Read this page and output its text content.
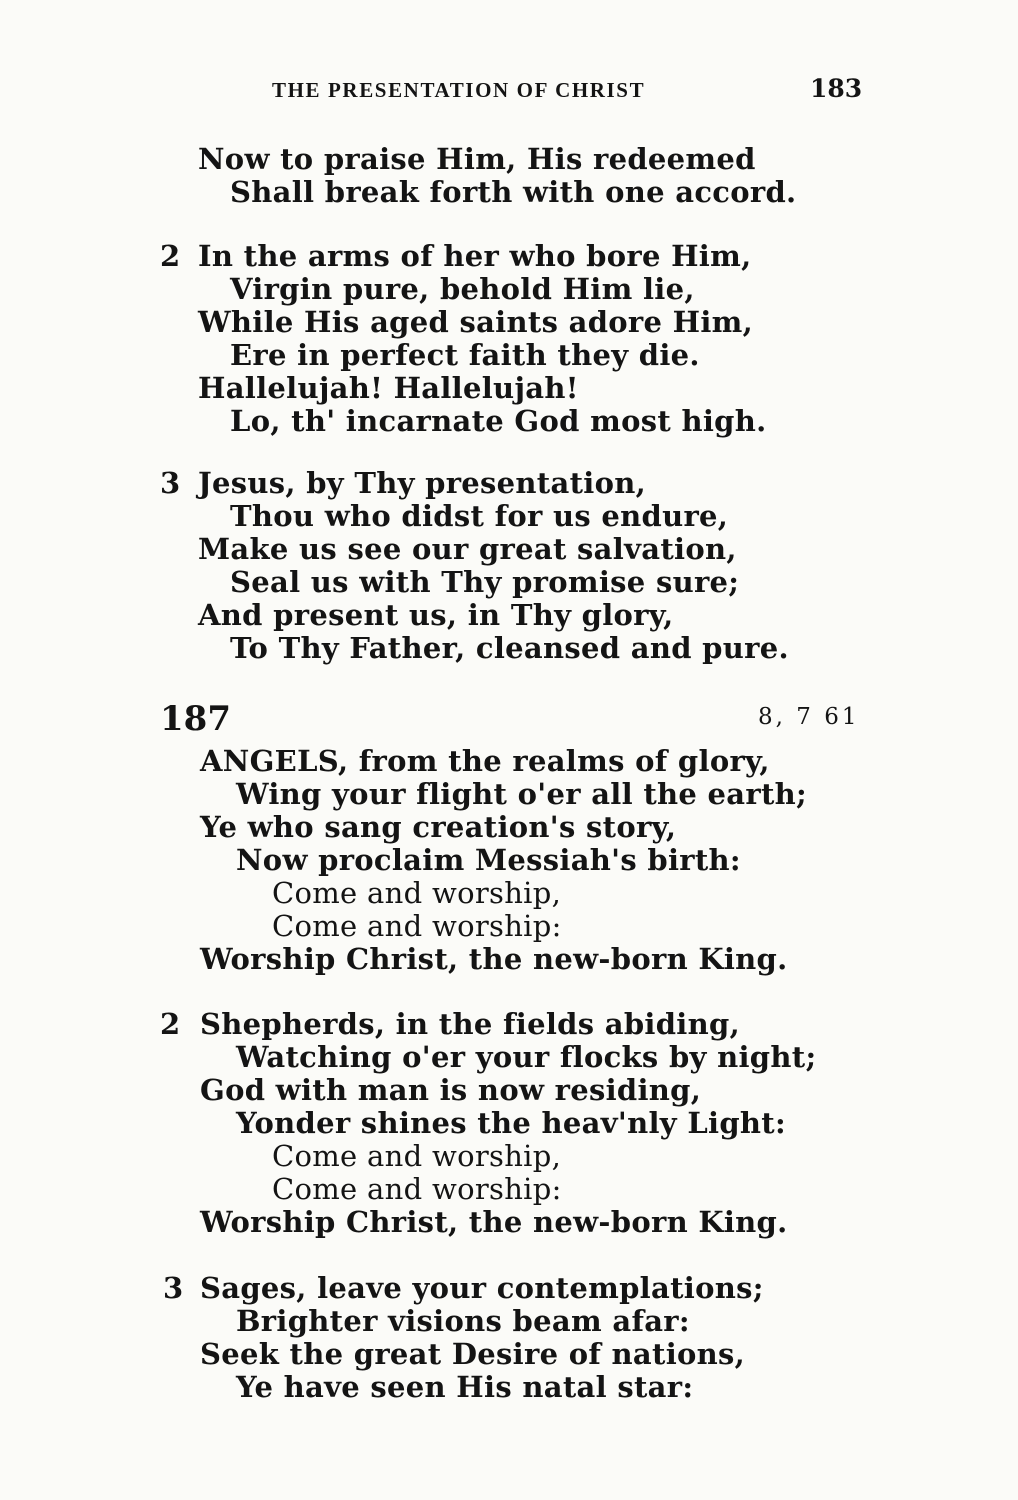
THE PRESENTATION OF CHRIST	183
Now to praise Him, His redeemed
Shall break forth with one accord.
2 In the arms of her who bore Him,
Virgin pure, behold Him lie,
While His aged saints adore Him,
Ere in perfect faith they die.
Hallelujah! Hallelujah!
Lo, th' incarnate God most high.
3 Jesus, by Thy presentation,
Thou who didst for us endure,
Make us see our great salvation,
Seal us with Thy promise sure;
And present us, in Thy glory,
To Thy Father, cleansed and pure.
187	8, 7 61
ANGELS, from the realms of glory,
Wing your flight o'er all the earth;
Ye who sang creation's story,
Now proclaim Messiah's birth:
Come and worship,
Come and worship:
Worship Christ, the new-born King.
2 Shepherds, in the fields abiding,
Watching o'er your flocks by night;
God with man is now residing,
Yonder shines the heav'nly Light:
Come and worship,
Come and worship:
Worship Christ, the new-born King.
3 Sages, leave your contemplations;
Brighter visions beam afar:
Seek the great Desire of nations,
Ye have seen His natal star:
